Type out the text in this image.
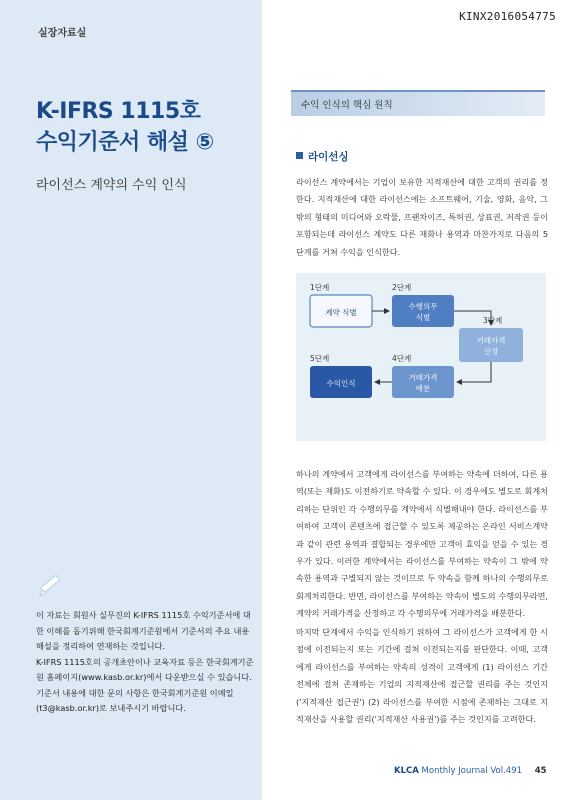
실장자료실
KINX2016054775
K-IFRS 1115호
수익기준서 해설 ⑤
라이선스 계약의 수익 인식

이 자료는 회원사 실무진의 K-IFRS 1115호 수익기준서에 대한 이해를 돕기위해 한국회계기준원에서 기준서의 주요 내용 해설을 정리하여 연재하는 것입니다.

K-IFRS 1115호의 공개초안이나 교육자료 등은 한국회계기준원 홈페이지(www.kasb.or.kr)에서 다운받으실 수 있습니다.

기준서 내용에 대한 문의 사항은 한국회계기준원 이메일(t3@kasb.or.kr)로 보내주시기 바랍니다.

수익 인식의 핵심 원칙
라이선싱

라이선스 계약에서는 기업이 보유한 지적재산에 대한 고객의 권리를 정한다. 지적재산에 대한 라이선스에는 소프트웨어, 기술, 영화, 음악, 그 밖의 형태의 미디어와 오락물, 프랜차이즈, 특허권, 상표권, 저작권 등이 포함되는데 라이선스 계약도 다른 재화나 용역과 마찬가지로 다음의 5 단계를 거쳐 수익을 인식한다.

1단계
계약 식별
2단계
수행의무
식별	3단계
거래가격
산정
4단계
거래가격
배분
5단계
수익인식

하나의 계약에서 고객에게 라이선스를 부여하는 약속에 더하여, 다른 용역(또는 재화)도 이전하기로 약속할 수 있다. 이 경우에도 별도로 회계처리하는 단위인 각 수행의무를 계약에서 식별해내야 한다. 라이선스를 부여하여 고객이 콘텐츠에 접근할 수 있도록 제공하는 온라인 서비스계약과 같이 관련 용역과 결합되는 경우에만 고객이 효익을 얻을 수 있는 경우가 있다. 이러한 계약에서는 라이선스를 부여하는 약속이 그 밖에 약속한 용역과 구별되지 않는 것이므로 두 약속을 함께 하나의 수행의무로 회계처리한다. 반면, 라이선스를 부여하는 약속이 별도의 수행의무라면, 계약의 거래가격을 산정하고 각 수행의무에 거래가격을 배분한다.

마지막 단계에서 수익을 인식하기 위하여 그 라이선스가 고객에게 한 시점에 이전되는지 또는 기간에 걸쳐 이전되는지를 판단한다. 이때, 고객에게 라이선스를 부여하는 약속의 성격이 고객에게 (1) 라이선스 기간 전체에 걸쳐 존재하는 기업의 지적재산에 접근할 권리를 주는 것인지('지적재산 접근권') (2) 라이선스를 부여한 시점에 존재하는 그대로 지적재산을 사용할 권리('지적재산 사용권')를 주는 것인지를 고려한다.

KLCA Monthly Journal Vol.491 45
